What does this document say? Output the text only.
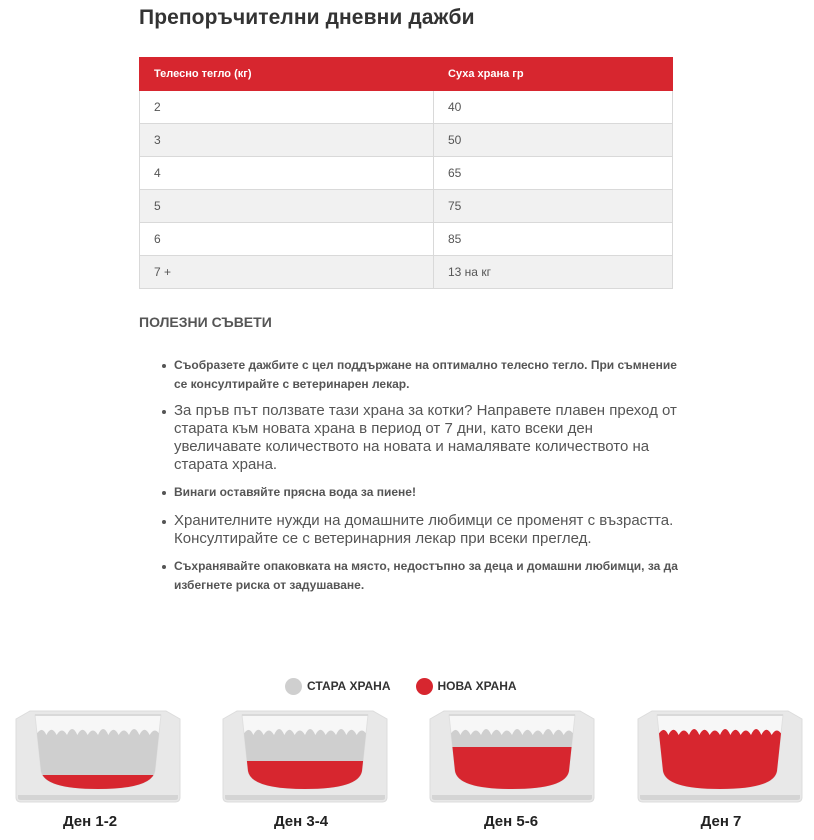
Препоръчителни дневни дажби
Телесно тегло (кг)	Суха храна гр
2	40
3	50
4	65
5	75
6	85
7 +	13 на кг
ПОЛЕЗНИ СЪВЕТИ
Съобразете дажбите с цел поддържане на оптимално телесно тегло. При съмнение се консултирайте с ветеринарен лекар.
За пръв път ползвате тази храна за котки? Направете плавен преход от старата към новата храна в период от 7 дни, като всеки ден увеличавате количеството на новата и намалявате количеството на старата храна.
Винаги оставяйте прясна вода за пиене!
Хранителните нужди на домашните любимци се променят с възрастта. Консултирайте се с ветеринарния лекар при всеки преглед.
Съхранявайте опаковката на място, недостъпно за деца и домашни любимци, за да избегнете риска от задушаване.
СТАРА ХРАНА	НОВА ХРАНА
Ден 1-2	Ден 3-4	Ден 5-6	Ден 7
